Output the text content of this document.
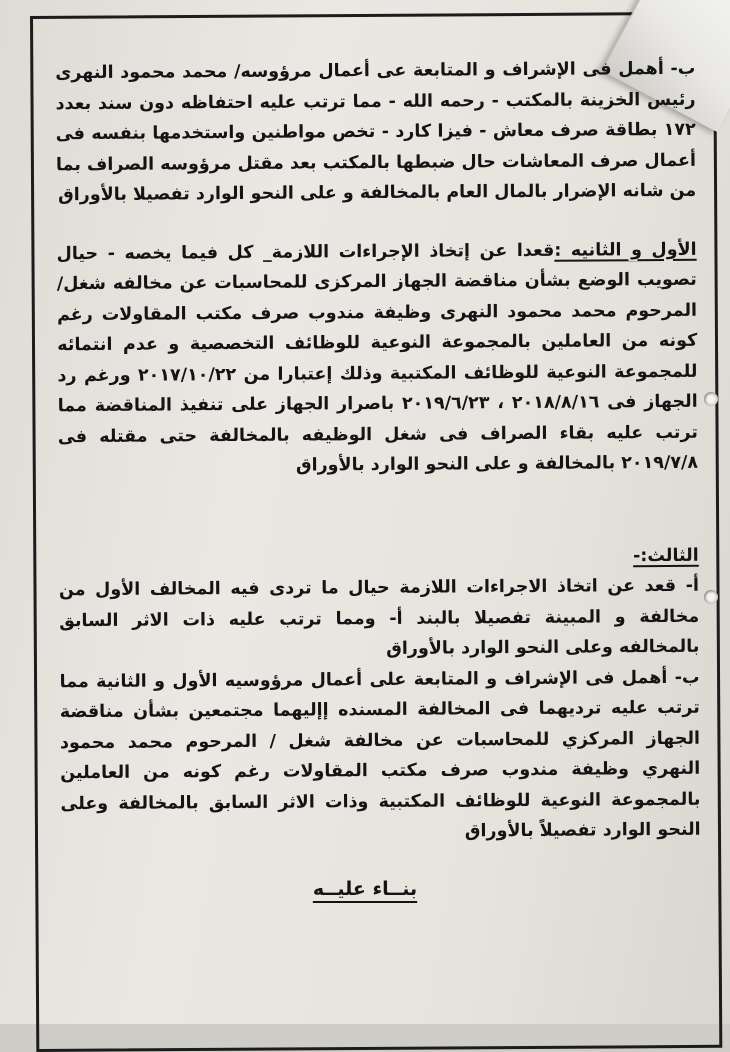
ب- أهمل فى الإشراف و المتابعة عى أعمال مرؤوسه/ محمد محمود النهرى رئيس الخزينة بالمكتب - رحمه الله - مما ترتب عليه احتفاظه دون سند بعدد ١٧٢ بطاقة صرف معاش - فيزا كارد - تخص مواطنين واستخدمها بنفسه فى أعمال صرف المعاشات حال ضبطها بالمكتب بعد مقتل مرؤوسه الصراف بما من شانه الإضرار بالمال العام بالمخالفة و على النحو الوارد تفصيلا بالأوراق

الأول و الثانيه :قعدا عن إتخاذ الإجراءات اللازمة_ كل فيما يخصه - حيال تصويب الوضع بشأن مناقضة الجهاز المركزى للمحاسبات عن مخالفه شغل/ المرحوم محمد محمود النهرى وظيفة مندوب صرف مكتب المقاولات رغم كونه من العاملين بالمجموعة النوعية للوظائف التخصصية و عدم انتمائه للمجموعة النوعية للوظائف المكتبية وذلك إعتبارا من ٢٠١٧/١٠/٢٢ ورغم رد الجهاز فى ٢٠١٨/٨/١٦ ، ٢٠١٩/٦/٢٣ باصرار الجهاز على تنفيذ المناقضة مما ترتب عليه بقاء الصراف فى شغل الوظيفه بالمخالفة حتى مقتله فى ٢٠١٩/٧/٨ بالمخالفة و على النحو الوارد بالأوراق

الثالث:-

أ- قعد عن اتخاذ الاجراءات اللازمة حيال ما تردى فيه المخالف الأول من مخالفة و المبينة تفصيلا بالبند أ- ومما ترتب عليه ذات الاثر السابق بالمخالفه وعلى النحو الوارد بالأوراق

ب- أهمل فى الإشراف و المتابعة على أعمال مرؤوسيه الأول و الثانية مما ترتب عليه ترديهما فى المخالفة المسنده إإليهما مجتمعين بشأن مناقضة الجهاز المركزي للمحاسبات عن مخالفة شغل / المرحوم محمد محمود النهري وظيفة مندوب صرف مكتب المقاولات رغم كونه من العاملين بالمجموعة النوعية للوظائف المكتبية وذات الاثر السابق بالمخالفة وعلى النحو الوارد تفصيلاً بالأوراق

بنــاء عليــه
